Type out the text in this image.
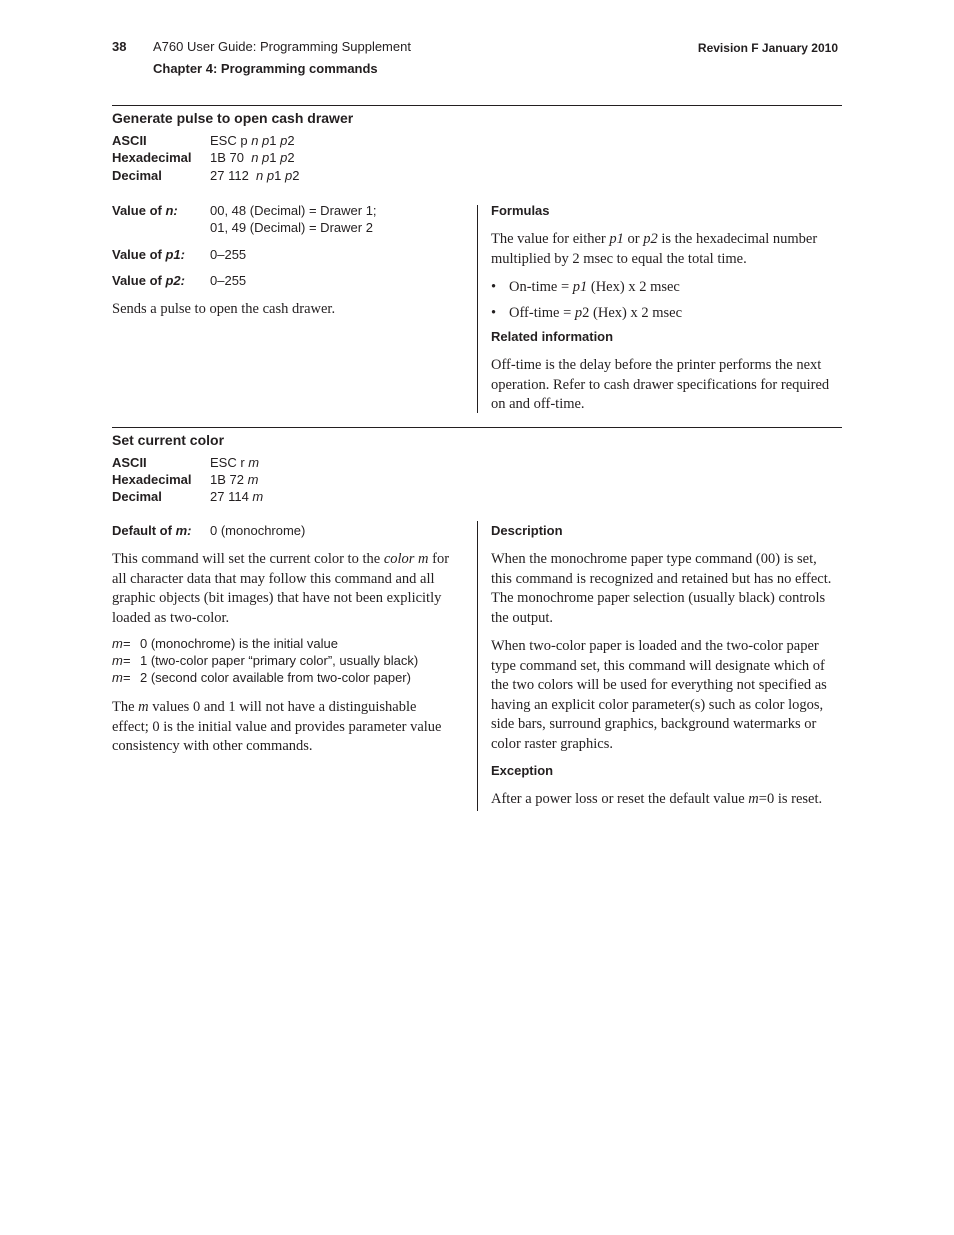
38 A760 User Guide: Programming Supplement
Chapter 4: Programming commands
Revision F January 2010
Generate pulse to open cash drawer
ASCII	ESC p n p1 p2
Hexadecimal 1B 70  n p1 p2
Decimal	27 112  n p1 p2
Value of n: 00, 48 (Decimal) = Drawer 1;
01, 49 (Decimal) = Drawer 2
Value of p1: 0–255
Value of p2: 0–255
Sends a pulse to open the cash drawer.
Formulas
The value for either p1 or p2 is the hexadecimal number
multiplied by 2 msec to equal the total time.
• On-time = p1 (Hex) x 2 msec
• Off-time = p2 (Hex) x 2 msec
Related information
Off-time is the delay before the printer performs the next
operation. Refer to cash drawer specifications for required
on and off-time.
Set current color
ASCII	ESC r m
Hexadecimal 1B 72 m
Decimal	27 114 m
Default of m: 0 (monochrome)
This command will set the current color to the color m for
all character data that may follow this command and all
graphic objects (bit images) that have not been explicitly
loaded as two-color.
m = 0 (monochrome) is the initial value
m = 1 (two-color paper “primary color”, usually black)
m = 2 (second color available from two-color paper)
The m values 0 and 1 will not have a distinguishable
effect; 0 is the initial value and provides parameter value
consistency with other commands.
Description
When the monochrome paper type command (00) is set,
this command is recognized and retained but has no effect.
The monochrome paper selection (usually black) controls
the output.
When two-color paper is loaded and the two-color paper
type command set, this command will designate which of
the two colors will be used for everything not specified as
having an explicit color parameter(s) such as color logos,
side bars, surround graphics, background watermarks or
color raster graphics.
Exception
After a power loss or reset the default value m=0 is reset.
